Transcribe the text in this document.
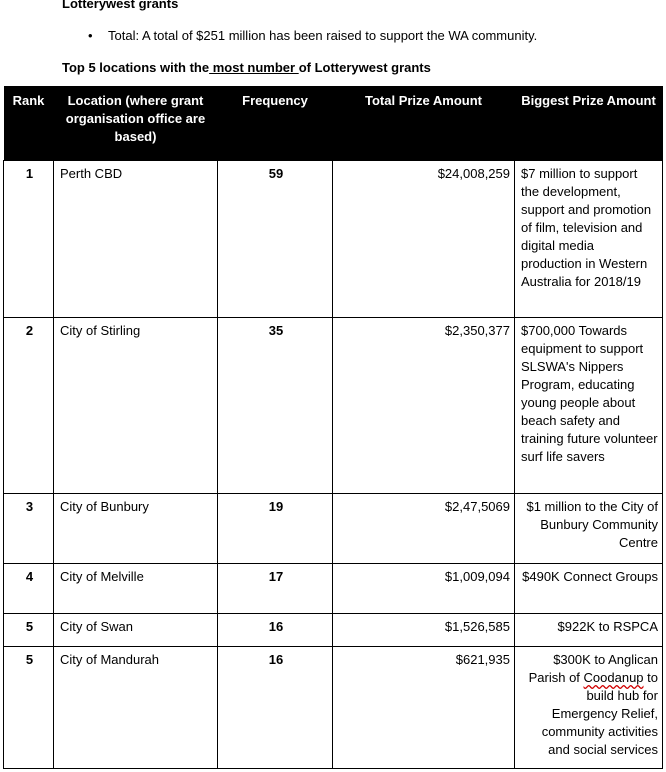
Lotterywest grants
• Total: A total of $251 million has been raised to support the WA community.
Top 5 locations with the most number of Lotterywest grants
Rank	Location (where grant organisation office are based)	Frequency	Total Prize Amount	Biggest Prize Amount
1	Perth CBD	59	$24,008,259	$7 million to support the development, support and promotion of film, television and digital media production in Western Australia for 2018/19
2	City of Stirling	35	$2,350,377	$700,000 Towards equipment to support SLSWA's Nippers Program, educating young people about beach safety and training future volunteer surf life savers
3	City of Bunbury	19	$2,47,5069	$1 million to the City of Bunbury Community Centre
4	City of Melville	17	$1,009,094	$490K Connect Groups
5	City of Swan	16	$1,526,585	$922K to RSPCA
5	City of Mandurah	16	$621,935	$300K to Anglican Parish of Coodanup to build hub for Emergency Relief, community activities and social services
